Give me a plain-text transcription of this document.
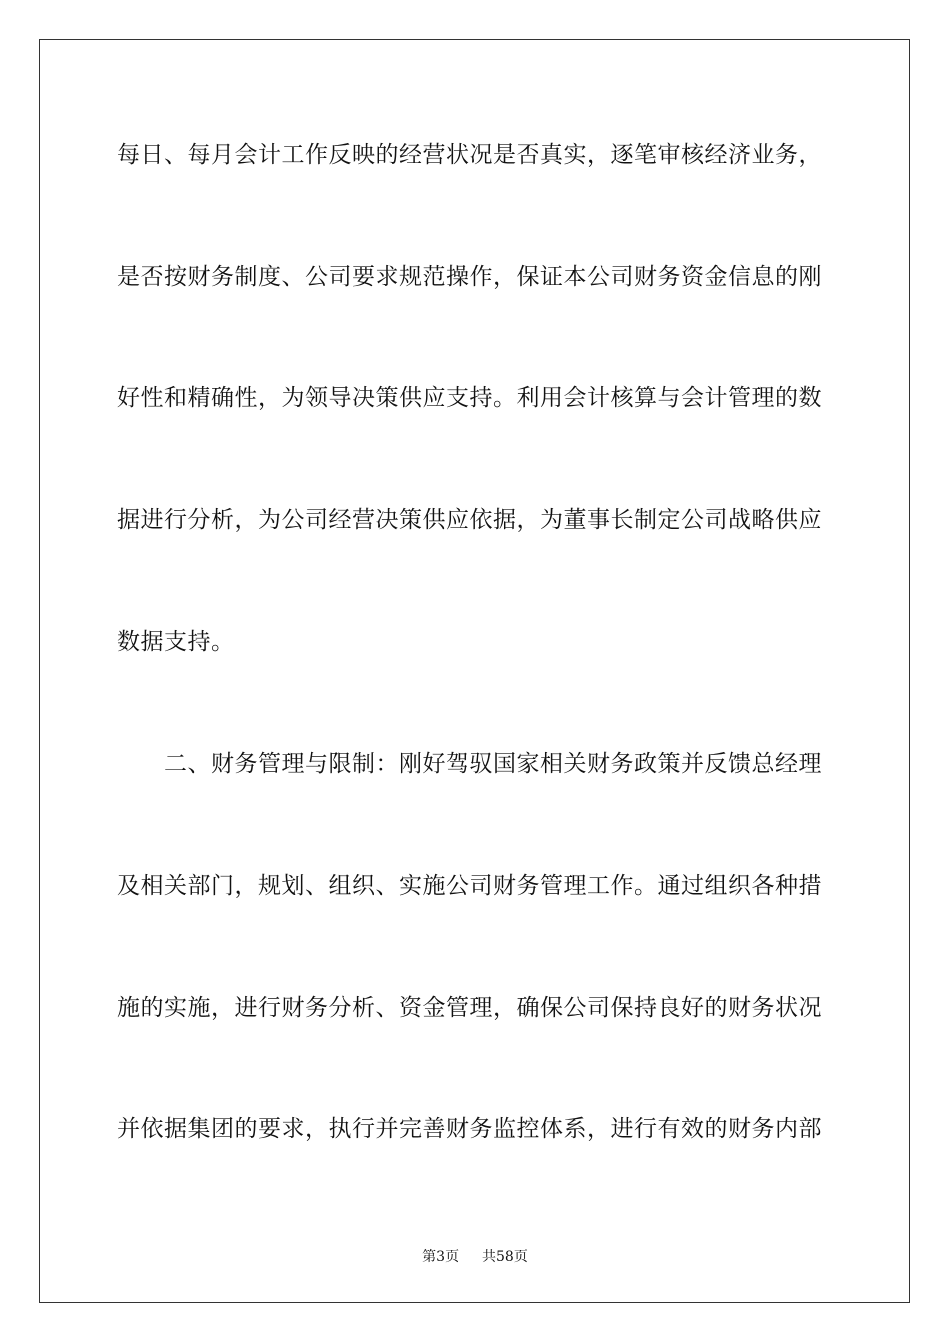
每日、每月会计工作反映的经营状况是否真实，逐笔审核经济业务，
是否按财务制度、公司要求规范操作，保证本公司财务资金信息的刚
好性和精确性，为领导决策供应支持。利用会计核算与会计管理的数
据进行分析，为公司经营决策供应依据，为董事长制定公司战略供应
数据支持。
二、财务管理与限制：刚好驾驭国家相关财务政策并反馈总经理
及相关部门，规划、组织、实施公司财务管理工作。通过组织各种措
施的实施，进行财务分析、资金管理，确保公司保持良好的财务状况
并依据集团的要求，执行并完善财务监控体系，进行有效的财务内部
第3页 共58页
